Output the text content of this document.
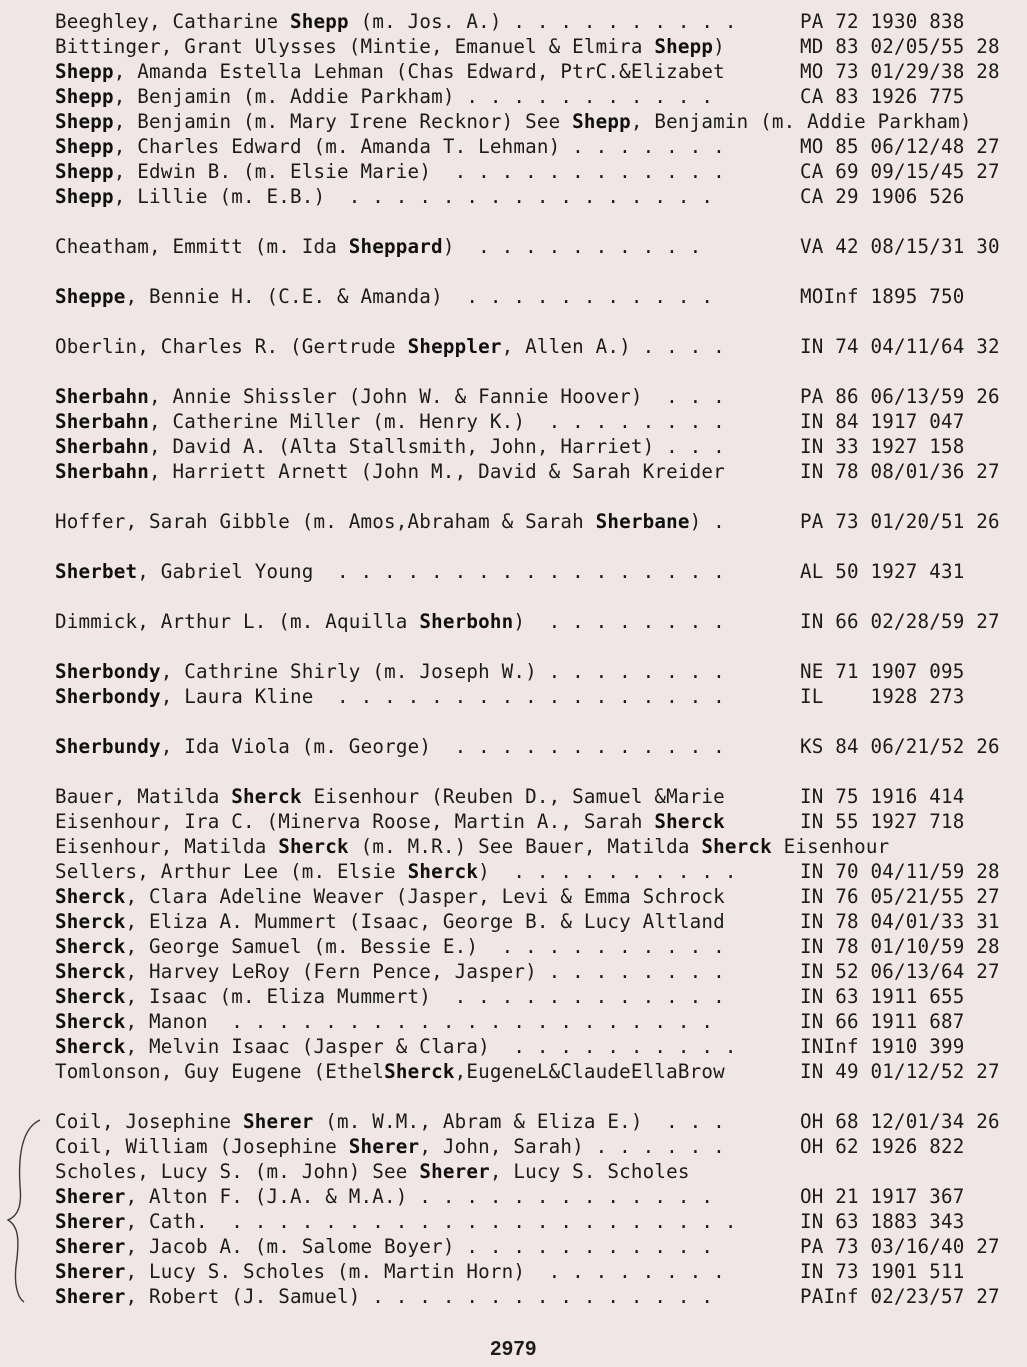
Beeghley, Catharine Shepp (m. Jos. A.) . . . . . . . . . .	PA 72 1930 838
Bittinger, Grant Ulysses (Mintie, Emanuel & Elmira Shepp)	MD 83 02/05/55 28
Shepp, Amanda Estella Lehman (Chas Edward, PtrC.&Elizabet	MO 73 01/29/38 28
Shepp, Benjamin (m. Addie Parkham) . . . . . . . . . . .	CA 83 1926 775
Shepp, Benjamin (m. Mary Irene Recknor) See Shepp, Benjamin (m. Addie Parkham)
Shepp, Charles Edward (m. Amanda T. Lehman) . . . . . . .	MO 85 06/12/48 27
Shepp, Edwin B. (m. Elsie Marie)  . . . . . . . . . . . .	CA 69 09/15/45 27
Shepp, Lillie (m. E.B.)  . . . . . . . . . . . . . . . .	CA 29 1906 526
Cheatham, Emmitt (m. Ida Sheppard)  . . . . . . . . . .	VA 42 08/15/31 30
Sheppe, Bennie H. (C.E. & Amanda)  . . . . . . . . . . .	MOInf 1895 750
Oberlin, Charles R. (Gertrude Sheppler, Allen A.) . . . .	IN 74 04/11/64 32
Sherbahn, Annie Shissler (John W. & Fannie Hoover)  . . .	PA 86 06/13/59 26
Sherbahn, Catherine Miller (m. Henry K.)  . . . . . . . .	IN 84 1917 047
Sherbahn, David A. (Alta Stallsmith, John, Harriet) . . .	IN 33 1927 158
Sherbahn, Harriett Arnett (John M., David & Sarah Kreider	IN 78 08/01/36 27
Hoffer, Sarah Gibble (m. Amos,Abraham & Sarah Sherbane) .	PA 73 01/20/51 26
Sherbet, Gabriel Young  . . . . . . . . . . . . . . . . .	AL 50 1927 431
Dimmick, Arthur L. (m. Aquilla Sherbohn)  . . . . . . . .	IN 66 02/28/59 27
Sherbondy, Cathrine Shirly (m. Joseph W.) . . . . . . . .	NE 71 1907 095
Sherbondy, Laura Kline  . . . . . . . . . . . . . . . . .	IL    1928 273
Sherbundy, Ida Viola (m. George)  . . . . . . . . . . . .	KS 84 06/21/52 26
Bauer, Matilda Sherck Eisenhour (Reuben D., Samuel &Marie	IN 75 1916 414
Eisenhour, Ira C. (Minerva Roose, Martin A., Sarah Sherck	IN 55 1927 718
Eisenhour, Matilda Sherck (m. M.R.) See Bauer, Matilda Sherck Eisenhour
Sellers, Arthur Lee (m. Elsie Sherck)  . . . . . . . . . .	IN 70 04/11/59 28
Sherck, Clara Adeline Weaver (Jasper, Levi & Emma Schrock	IN 76 05/21/55 27
Sherck, Eliza A. Mummert (Isaac, George B. & Lucy Altland	IN 78 04/01/33 31
Sherck, George Samuel (m. Bessie E.)  . . . . . . . . . .	IN 78 01/10/59 28
Sherck, Harvey LeRoy (Fern Pence, Jasper) . . . . . . . .	IN 52 06/13/64 27
Sherck, Isaac (m. Eliza Mummert)  . . . . . . . . . . . .	IN 63 1911 655
Sherck, Manon  . . . . . . . . . . . . . . . . . . . . .	IN 66 1911 687
Sherck, Melvin Isaac (Jasper & Clara)  . . . . . . . . . .	INInf 1910 399
Tomlonson, Guy Eugene (EthelSherck,EugeneL&ClaudeEllaBrow	IN 49 01/12/52 27
Coil, Josephine Sherer (m. W.M., Abram & Eliza E.)  . . .	OH 68 12/01/34 26
Coil, William (Josephine Sherer, John, Sarah) . . . . . .	OH 62 1926 822
Scholes, Lucy S. (m. John) See Sherer, Lucy S. Scholes
Sherer, Alton F. (J.A. & M.A.) . . . . . . . . . . . . .	OH 21 1917 367
Sherer, Cath.  . . . . . . . . . . . . . . . . . . . . . .	IN 63 1883 343
Sherer, Jacob A. (m. Salome Boyer) . . . . . . . . . . .	PA 73 03/16/40 27
Sherer, Lucy S. Scholes (m. Martin Horn)  . . . . . . . .	IN 73 1901 511
Sherer, Robert (J. Samuel) . . . . . . . . . . . . . . .	PAInf 02/23/57 27
2979
